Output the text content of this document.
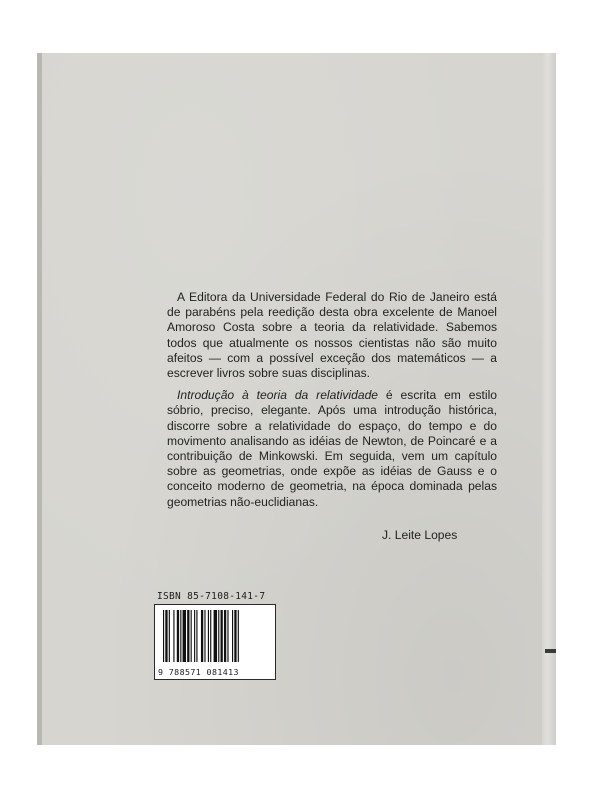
A Editora da Universidade Federal do Rio de Janeiro está de parabéns pela reedição desta obra excelente de Manoel Amoroso Costa sobre a teoria da relatividade. Sabemos todos que atualmente os nossos cientistas não são muito afeitos — com a possível exceção dos matemáticos — a escrever livros sobre suas disciplinas.

Introdução à teoria da relatividade é escrita em estilo sóbrio, preciso, elegante. Após uma introdução histórica, discorre sobre a relatividade do espaço, do tempo e do movimento analisando as idéias de Newton, de Poincaré e a contribuição de Minkowski. Em seguida, vem um capítulo sobre as geometrias, onde expõe as idéias de Gauss e o conceito moderno de geometria, na época dominada pelas geometrias não-euclidianas.

J. Leite Lopes
ISBN 85-7108-141-7
9 788571 081413
